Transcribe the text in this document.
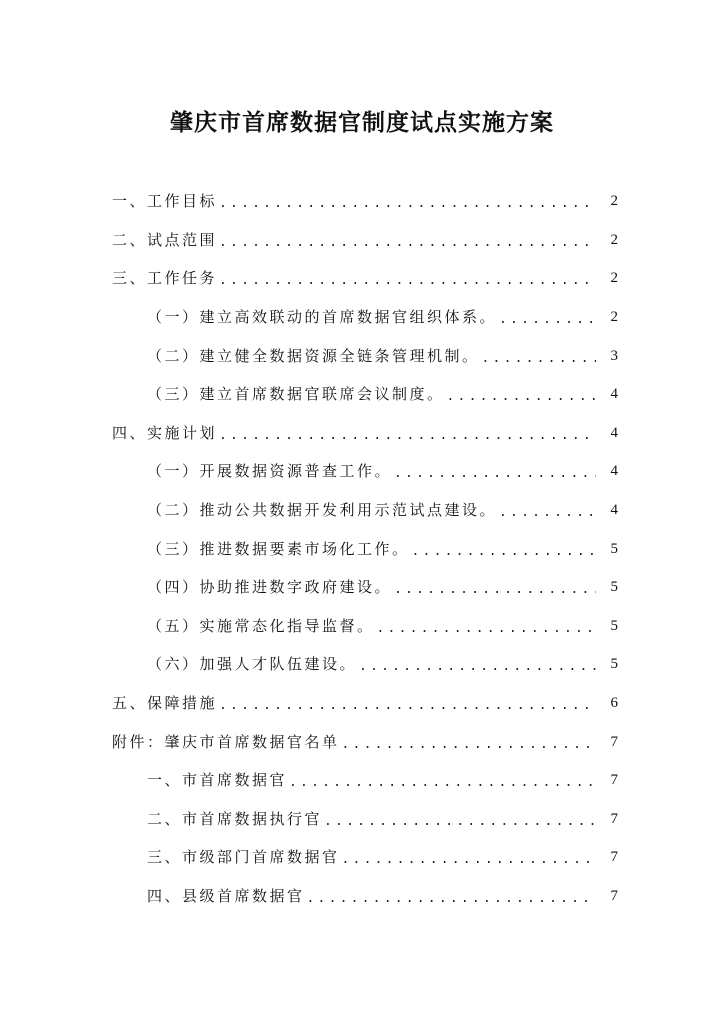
肇庆市首席数据官制度试点实施方案
一、工作目标 .....	2
二、试点范围 .....	2
三、工作任务 .....	2
（一）建立高效联动的首席数据官组织体系。 .....	2
（二）建立健全数据资源全链条管理机制。 .....	3
（三）建立首席数据官联席会议制度。 .....	4
四、实施计划 .....	4
（一）开展数据资源普查工作。 .....	4
（二）推动公共数据开发利用示范试点建设。 .....	4
（三）推进数据要素市场化工作。 .....	5
（四）协助推进数字政府建设。 .....	5
（五）实施常态化指导监督。 .....	5
（六）加强人才队伍建设。 .....	5
五、保障措施 .....	6
附件：肇庆市首席数据官名单 .....	7
一、市首席数据官 .....	7
二、市首席数据执行官 .....	7
三、市级部门首席数据官 .....	7
四、县级首席数据官 .....	7
